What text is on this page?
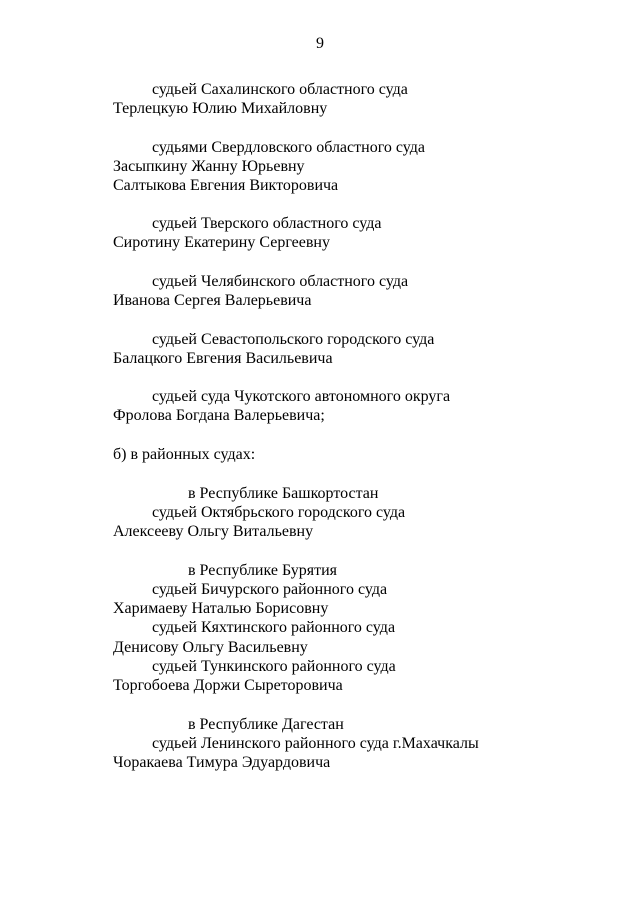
9
судьей Сахалинского областного суда
Терлецкую Юлию Михайловну
судьями Свердловского областного суда
Засыпкину Жанну Юрьевну
Салтыкова Евгения Викторовича
судьей Тверского областного суда
Сиротину Екатерину Сергеевну
судьей Челябинского областного суда
Иванова Сергея Валерьевича
судьей Севастопольского городского суда
Балацкого Евгения Васильевича
судьей суда Чукотского автономного округа
Фролова Богдана Валерьевича;
б) в районных судах:
в Республике Башкортостан
судьей Октябрьского городского суда
Алексееву Ольгу Витальевну
в Республике Бурятия
судьей Бичурского районного суда
Харимаеву Наталью Борисовну
судьей Кяхтинского районного суда
Денисову Ольгу Васильевну
судьей Тункинского районного суда
Торгобоева Доржи Сыреторовича
в Республике Дагестан
судьей Ленинского районного суда г.Махачкалы
Чоракаева Тимура Эдуардовича
